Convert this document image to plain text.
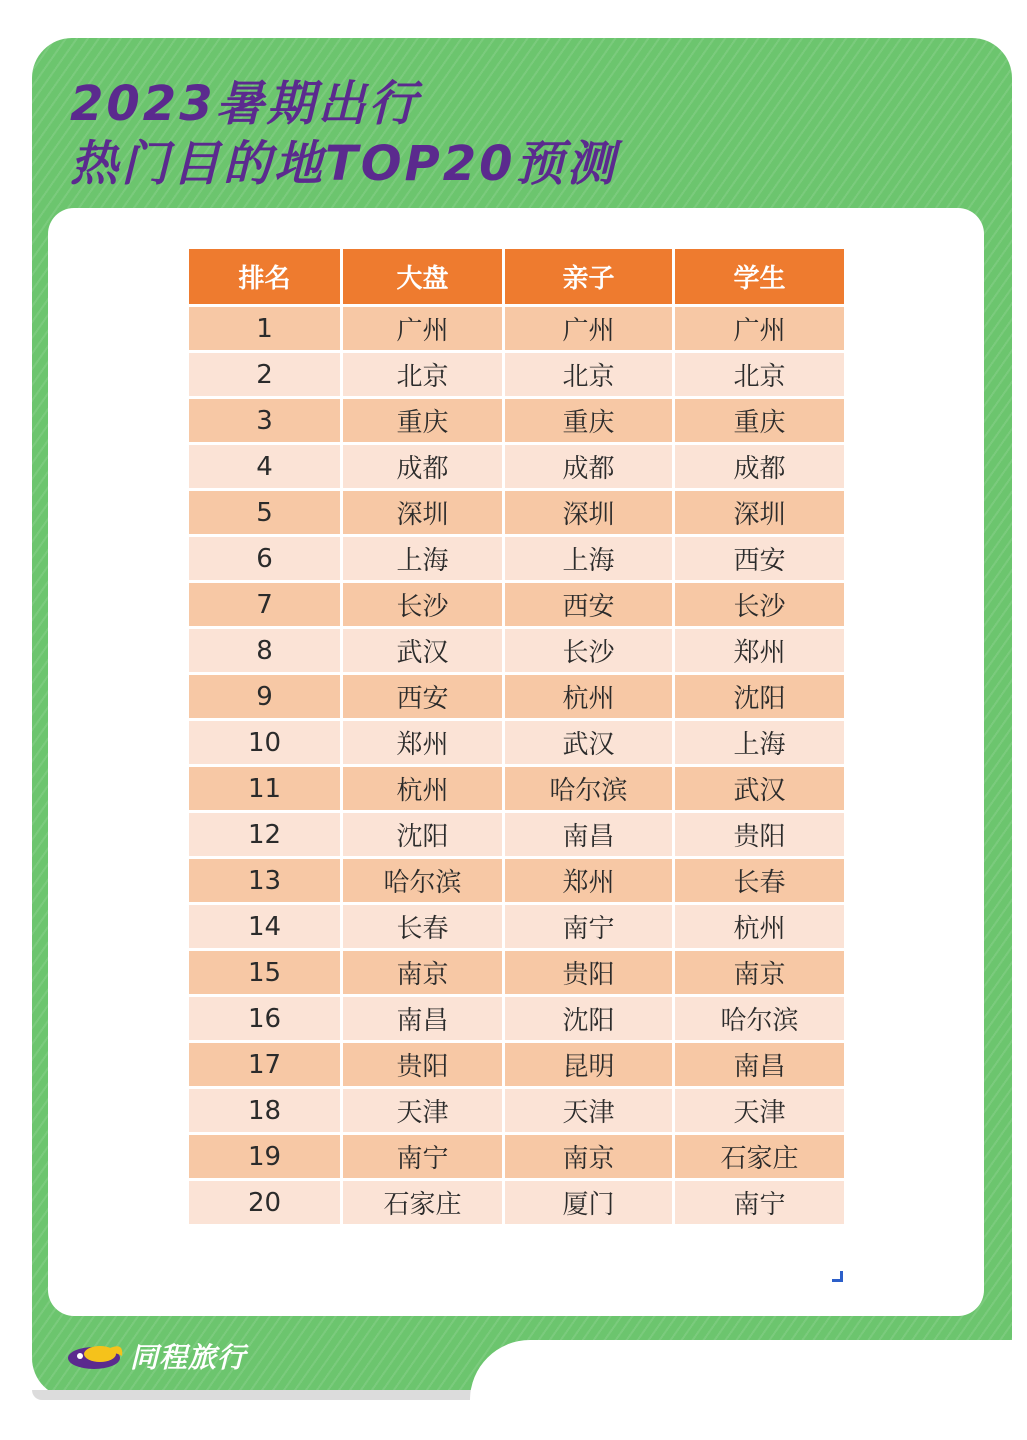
2023暑期出行
热门目的地TOP20预测
排名	大盘	亲子	学生
1	广州	广州	广州
2	北京	北京	北京
3	重庆	重庆	重庆
4	成都	成都	成都
5	深圳	深圳	深圳
6	上海	上海	西安
7	长沙	西安	长沙
8	武汉	长沙	郑州
9	西安	杭州	沈阳
10	郑州	武汉	上海
11	杭州	哈尔滨	武汉
12	沈阳	南昌	贵阳
13	哈尔滨	郑州	长春
14	长春	南宁	杭州
15	南京	贵阳	南京
16	南昌	沈阳	哈尔滨
17	贵阳	昆明	南昌
18	天津	天津	天津
19	南宁	南京	石家庄
20	石家庄	厦门	南宁
同程旅行
